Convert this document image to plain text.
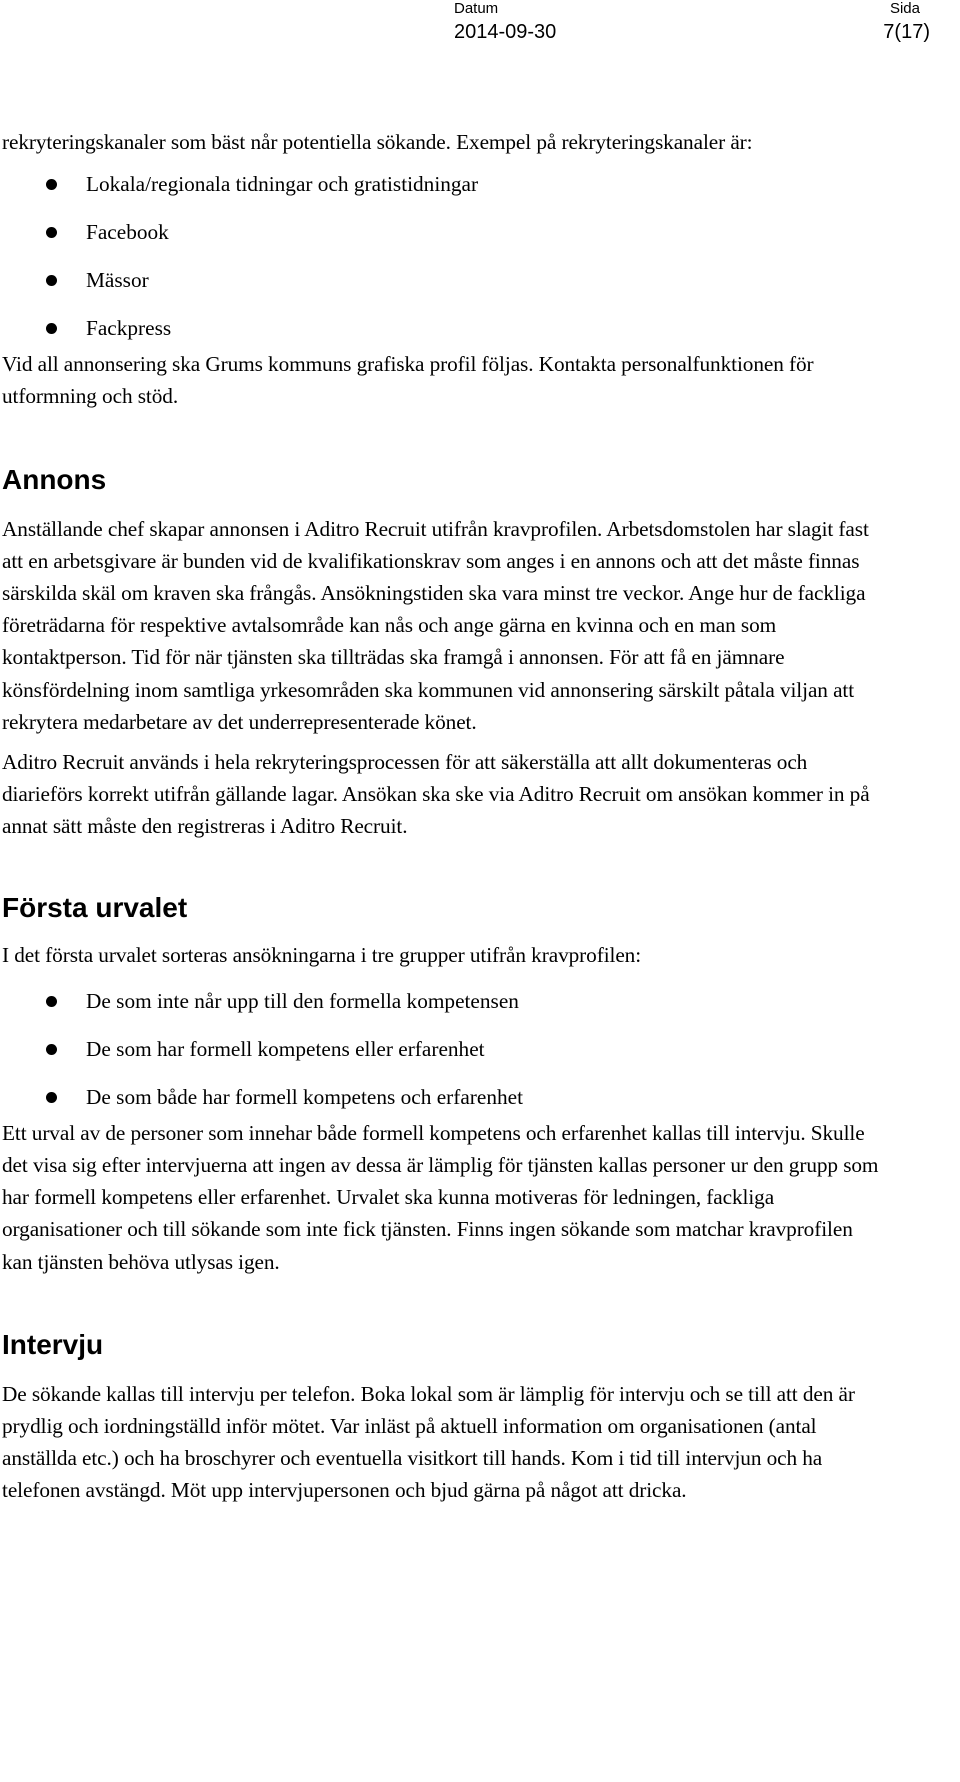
Datum
2014-09-30
Sida
7(17)

rekryteringskanaler som bäst når potentiella sökande. Exempel på rekryteringskanaler är:

Lokala/regionala tidningar och gratistidningar
Facebook
Mässor
Fackpress

Vid all annonsering ska Grums kommuns grafiska profil följas. Kontakta personalfunktionen för utformning och stöd.

Annons

Anställande chef skapar annonsen i Aditro Recruit utifrån kravprofilen. Arbetsdomstolen har slagit fast att en arbetsgivare är bunden vid de kvalifikationskrav som anges i en annons och att det måste finnas särskilda skäl om kraven ska frångås. Ansökningstiden ska vara minst tre veckor. Ange hur de fackliga företrädarna för respektive avtalsområde kan nås och ange gärna en kvinna och en man som kontaktperson. Tid för när tjänsten ska tillträdas ska framgå i annonsen. För att få en jämnare könsfördelning inom samtliga yrkesområden ska kommunen vid annonsering särskilt påtala viljan att rekrytera medarbetare av det underrepresenterade könet.

Aditro Recruit används i hela rekryteringsprocessen för att säkerställa att allt dokumenteras och diarieförs korrekt utifrån gällande lagar. Ansökan ska ske via Aditro Recruit om ansökan kommer in på annat sätt måste den registreras i Aditro Recruit.

Första urvalet

I det första urvalet sorteras ansökningarna i tre grupper utifrån kravprofilen:

De som inte når upp till den formella kompetensen
De som har formell kompetens eller erfarenhet
De som både har formell kompetens och erfarenhet

Ett urval av de personer som innehar både formell kompetens och erfarenhet kallas till intervju. Skulle det visa sig efter intervjuerna att ingen av dessa är lämplig för tjänsten kallas personer ur den grupp som har formell kompetens eller erfarenhet. Urvalet ska kunna motiveras för ledningen, fackliga organisationer och till sökande som inte fick tjänsten. Finns ingen sökande som matchar kravprofilen kan tjänsten behöva utlysas igen.

Intervju

De sökande kallas till intervju per telefon. Boka lokal som är lämplig för intervju och se till att den är prydlig och iordningställd inför mötet. Var inläst på aktuell information om organisationen (antal anställda etc.) och ha broschyrer och eventuella visitkort till hands. Kom i tid till intervjun och ha telefonen avstängd. Möt upp intervjupersonen och bjud gärna på något att dricka.
